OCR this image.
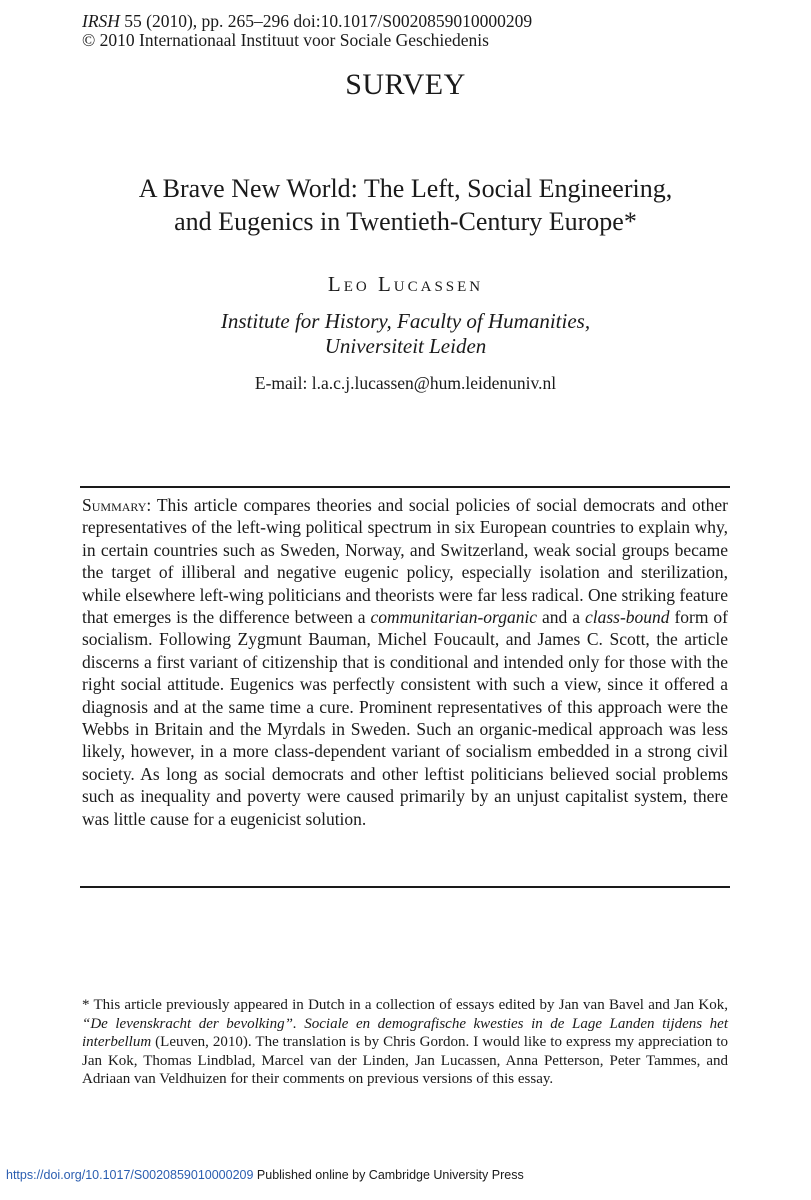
IRSH 55 (2010), pp. 265–296 doi:10.1017/S0020859010000209
© 2010 Internationaal Instituut voor Sociale Geschiedenis
SURVEY
A Brave New World: The Left, Social Engineering,
and Eugenics in Twentieth-Century Europe*
Leo Lucassen
Institute for History, Faculty of Humanities,
Universiteit Leiden
E-mail: l.a.c.j.lucassen@hum.leidenuniv.nl
Summary: This article compares theories and social policies of social democrats and other representatives of the left-wing political spectrum in six European countries to explain why, in certain countries such as Sweden, Norway, and Switzerland, weak social groups became the target of illiberal and negative eugenic policy, especially isolation and sterilization, while elsewhere left-wing politicians and theorists were far less radical. One striking feature that emerges is the difference between a communitarian-organic and a class-bound form of socialism. Following Zygmunt Bauman, Michel Foucault, and James C. Scott, the article discerns a first variant of citizenship that is conditional and intended only for those with the right social attitude. Eugenics was perfectly consistent with such a view, since it offered a diagnosis and at the same time a cure. Prominent representatives of this approach were the Webbs in Britain and the Myrdals in Sweden. Such an organic-medical approach was less likely, however, in a more class-dependent variant of socialism embedded in a strong civil society. As long as social democrats and other leftist politicians believed social problems such as inequality and poverty were caused primarily by an unjust capitalist system, there was little cause for a eugenicist solution.
* This article previously appeared in Dutch in a collection of essays edited by Jan van Bavel and Jan Kok, “De levenskracht der bevolking”. Sociale en demografische kwesties in de Lage Landen tijdens het interbellum (Leuven, 2010). The translation is by Chris Gordon. I would like to express my appreciation to Jan Kok, Thomas Lindblad, Marcel van der Linden, Jan Lucassen, Anna Petterson, Peter Tammes, and Adriaan van Veldhuizen for their comments on previous versions of this essay.
https://doi.org/10.1017/S0020859010000209 Published online by Cambridge University Press
